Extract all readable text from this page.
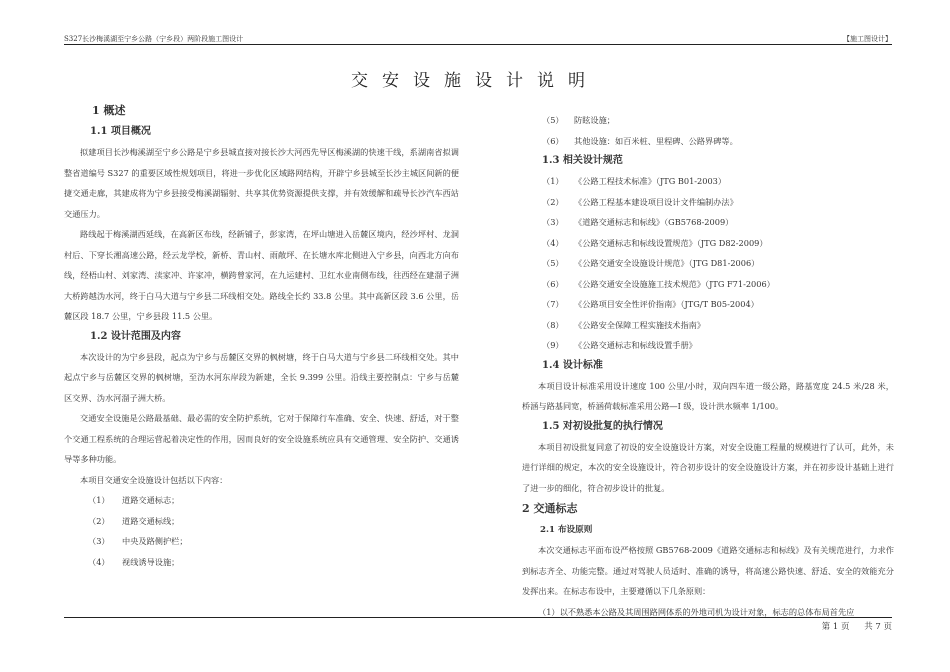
S327长沙梅溪湖至宁乡公路（宁乡段）两阶段施工图设计	【施工图设计】
交安设施设计说明
1 概述
1.1 项目概况
拟建项目长沙梅溪湖至宁乡公路是宁乡县城直接对接长沙大河西先导区梅溪湖的快速干线，系湖南省拟调整省道编号 S327 的重要区域性规划项目，将进一步优化区域路网结构，开辟宁乡县城至长沙主城区间新的便捷交通走廊，其建成将为宁乡县接受梅溪湖辐射、共享其优势资源提供支撑，并有效缓解和疏导长沙汽车西站交通压力。
路线起于梅溪湖西延线，在高新区布线，经新铺子，彭家湾，在坪山塘进入岳麓区境内，经沙坪村、龙洞村后、下穿长湘高速公路，经云龙学校，新桥、青山村、雨敞坪、在长塘水库北侧进入宁乡县，向西北方向布线，经梧山村、刘家湾、渎家冲、许家冲，横跨曾家河，在九运建村、卫红水业南侧布线，往西经在建溜子洲大桥跨越沩水河，终于白马大道与宁乡县二环线相交处。路线全长约 33.8 公里。其中高新区段 3.6 公里，岳麓区段 18.7 公里，宁乡县段 11.5 公里。
1.2 设计范围及内容
本次设计的为宁乡县段，起点为宁乡与岳麓区交界的枫树塘，终于白马大道与宁乡县二环线相交处。其中起点宁乡与岳麓区交界的枫树塘，至沩水河东岸段为新建，全长 9.399 公里。沿线主要控制点：宁乡与岳麓区交界、沩水河溜子洲大桥。
交通安全设施是公路最基础、最必需的安全防护系统，它对于保障行车准确、安全、快速、舒适，对于整个交通工程系统的合理运营起着决定性的作用，因而良好的安全设施系统应具有交通管理、安全防护、交通诱导等多种功能。
本项目交通安全设施设计包括以下内容：
（1） 道路交通标志；
（2） 道路交通标线；
（3） 中央及路侧护栏；
（4） 视线诱导设施；
（5） 防眩设施；
（6） 其他设施：如百米桩、里程碑、公路界碑等。
1.3 相关设计规范
（1） 《公路工程技术标准》（JTG B01-2003）
（2） 《公路工程基本建设项目设计文件编制办法》
（3） 《道路交通标志和标线》（GB5768-2009）
（4） 《公路交通标志和标线设置规范》（JTG D82-2009）
（5） 《公路交通安全设施设计规范》（JTG D81-2006）
（6） 《公路交通安全设施施工技术规范》（JTG F71-2006）
（7） 《公路项目安全性评价指南》（JTG/T B05-2004）
（8） 《公路安全保障工程实施技术指南》
（9） 《公路交通标志和标线设置手册》
1.4 设计标准
本项目设计标准采用设计速度 100 公里/小时，双向四车道一级公路，路基宽度 24.5 米/28 米，桥涵与路基同宽，桥涵荷载标准采用公路—I 级，设计洪水频率 1/100。
1.5 对初设批复的执行情况
本项目初设批复同意了初设的安全设施设计方案，对安全设施工程量的规模进行了认可，此外，未进行详细的规定，本次的安全设施设计，符合初步设计的安全设施设计方案，并在初步设计基础上进行了进一步的细化，符合初步设计的批复。
2 交通标志
2.1 布设原则
本次交通标志平面布设严格按照 GB5768-2009《道路交通标志和标线》及有关规范进行，力求作到标志齐全、功能完整。通过对驾驶人员适时、准确的诱导，将高速公路快速、舒适、安全的效能充分发挥出来。在标志布设中，主要遵循以下几条原则：
（1）以不熟悉本公路及其周围路网体系的外地司机为设计对象，标志的总体布局首先应
第 1 页 共 7 页
